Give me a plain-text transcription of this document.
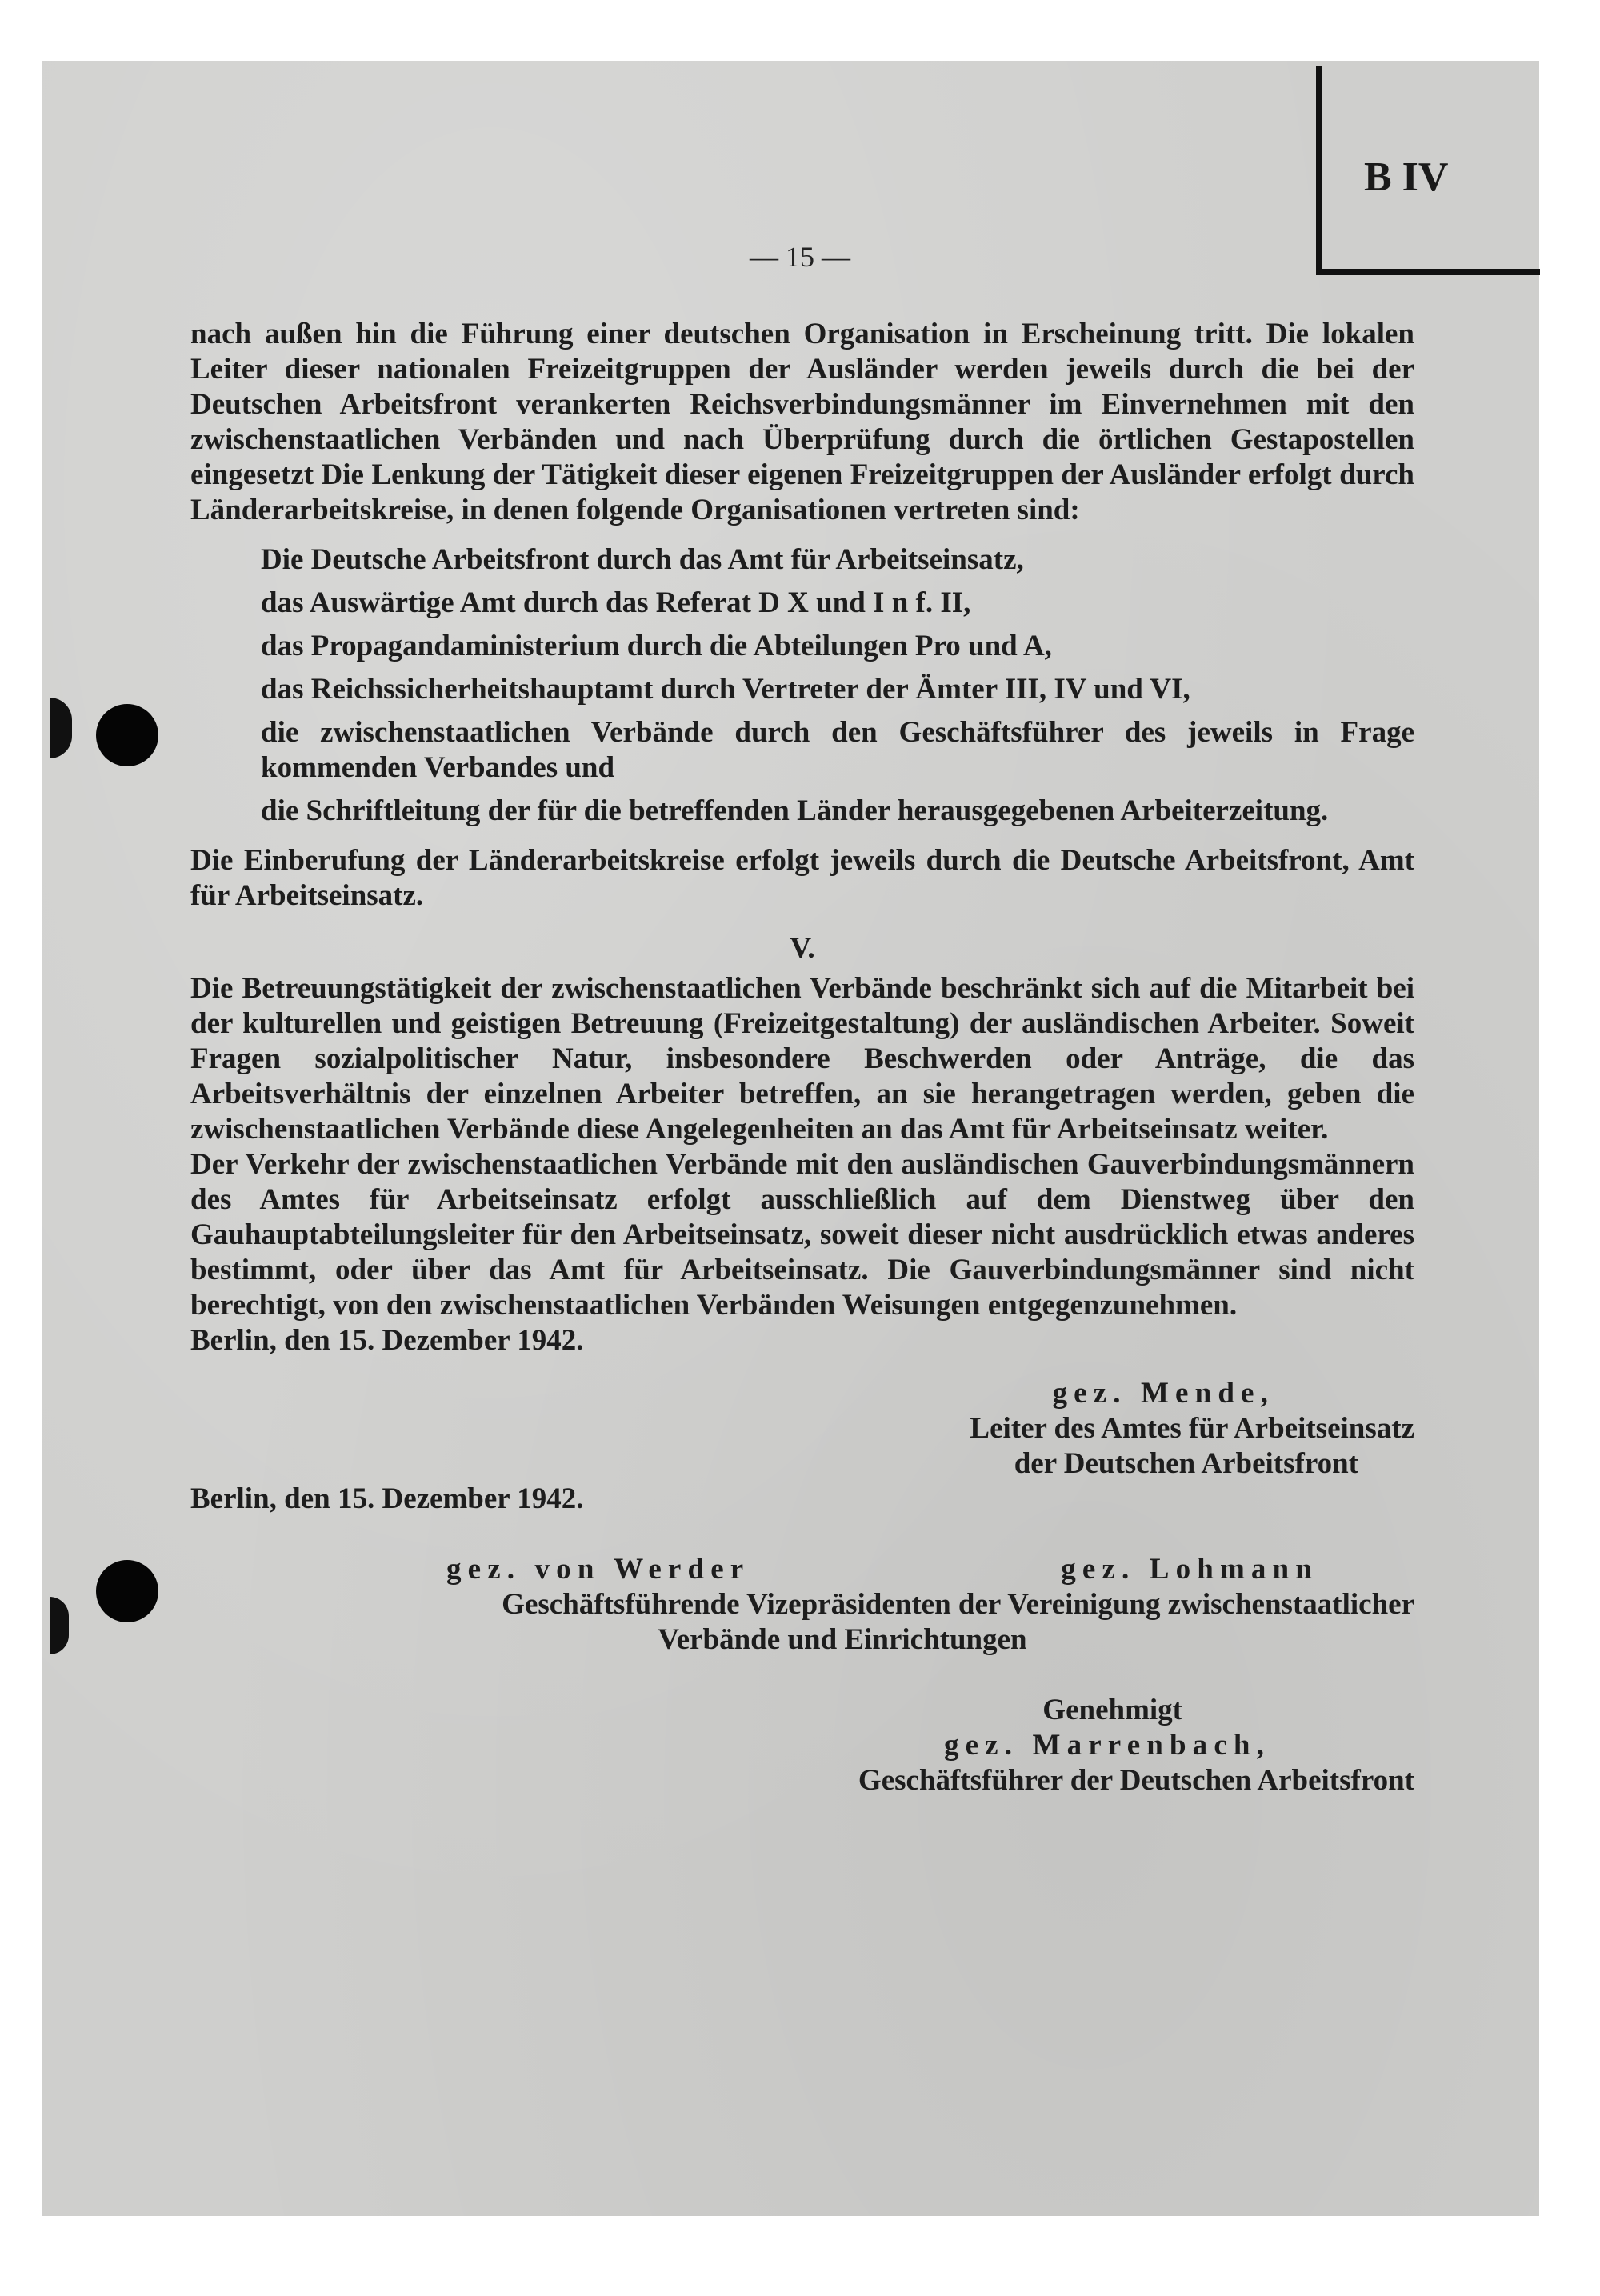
B IV
— 15 —

nach außen hin die Führung einer deutschen Organisation in Erscheinung tritt. Die lokalen Leiter dieser nationalen Freizeitgruppen der Ausländer werden jeweils durch die bei der Deutschen Arbeitsfront verankerten Reichsverbindungsmänner im Einvernehmen mit den zwischenstaatlichen Verbänden und nach Überprüfung durch die örtlichen Gestapostellen eingesetzt Die Lenkung der Tätigkeit dieser eigenen Freizeitgruppen der Ausländer erfolgt durch Länderarbeitskreise, in denen folgende Organisationen vertreten sind:

Die Deutsche Arbeitsfront durch das Amt für Arbeitseinsatz,
das Auswärtige Amt durch das Referat D X und I n f. II,
das Propagandaministerium durch die Abteilungen Pro und A,
das Reichssicherheitshauptamt durch Vertreter der Ämter III, IV und VI,
die zwischenstaatlichen Verbände durch den Geschäftsführer des jeweils in Frage kommenden Verbandes und
die Schriftleitung der für die betreffenden Länder herausgegebenen Arbeiterzeitung.

Die Einberufung der Länderarbeitskreise erfolgt jeweils durch die Deutsche Arbeitsfront, Amt für Arbeitseinsatz.

V.

Die Betreuungstätigkeit der zwischenstaatlichen Verbände beschränkt sich auf die Mitarbeit bei der kulturellen und geistigen Betreuung (Freizeitgestaltung) der ausländischen Arbeiter. Soweit Fragen sozialpolitischer Natur, insbesondere Beschwerden oder Anträge, die das Arbeitsverhältnis der einzelnen Arbeiter betreffen, an sie herangetragen werden, geben die zwischenstaatlichen Verbände diese Angelegenheiten an das Amt für Arbeitseinsatz weiter.

Der Verkehr der zwischenstaatlichen Verbände mit den ausländischen Gauverbindungsmännern des Amtes für Arbeitseinsatz erfolgt ausschließlich auf dem Dienstweg über den Gauhauptabteilungsleiter für den Arbeitseinsatz, soweit dieser nicht ausdrücklich etwas anderes bestimmt, oder über das Amt für Arbeitseinsatz. Die Gauverbindungsmänner sind nicht berechtigt, von den zwischenstaatlichen Verbänden Weisungen entgegenzunehmen.

Berlin, den 15. Dezember 1942.

gez. Mende,
Leiter des Amtes für Arbeitseinsatz
der Deutschen Arbeitsfront

Berlin, den 15. Dezember 1942.

gez. von Werder	gez. Lohmann
Geschäftsführende Vizepräsidenten der Vereinigung zwischenstaatlicher
Verbände und Einrichtungen
Genehmigt
gez. Marrenbach,
Geschäftsführer der Deutschen Arbeitsfront
